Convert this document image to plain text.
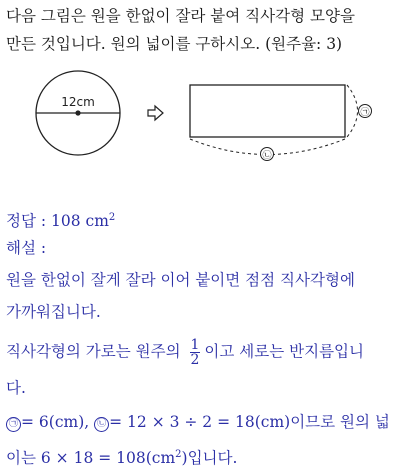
다음 그림은 원을 한없이 잘라 붙여 직사각형 모양을
만든 것입니다. 원의 넓이를 구하시오. (원주율: 3)
12cm
㉠
㉡
정답 : 108 $cm^2$
해설 :
원을 한없이 잘게 잘라 이어 붙이면 점점 직사각형에
가까워집니다.
직사각형의 가로는 원주의 $\frac{1}{2}$ 이고 세로는 반지름입니
다.
㉠ = 6(cm), ㉡ = 12 × 3 ÷ 2 = 18(cm)이므로 원의 넓
이는 $6 \times 18 = 108(cm^2)$입니다.
